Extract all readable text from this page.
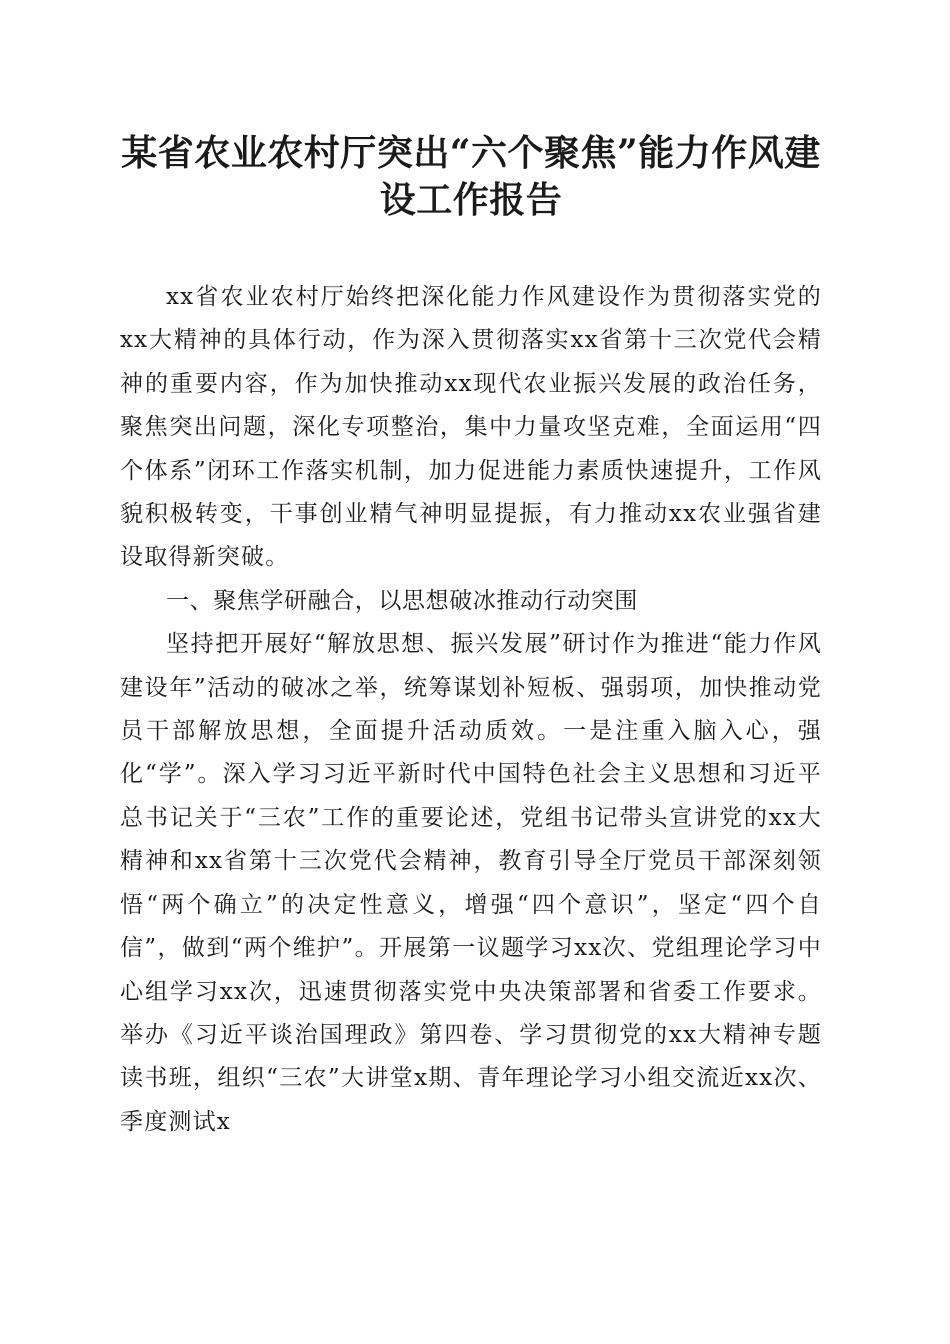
某省农业农村厅突出“六个聚焦”能力作风建
设工作报告

xx省农业农村厅始终把深化能力作风建设作为贯彻落实党的xx大精神的具体行动，作为深入贯彻落实xx省第十三次党代会精神的重要内容，作为加快推动xx现代农业振兴发展的政治任务，聚焦突出问题，深化专项整治，集中力量攻坚克难，全面运用“四个体系”闭环工作落实机制，加力促进能力素质快速提升，工作风貌积极转变，干事创业精气神明显提振，有力推动xx农业强省建设取得新突破。

一、聚焦学研融合，以思想破冰推动行动突围

坚持把开展好“解放思想、振兴发展”研讨作为推进“能力作风建设年”活动的破冰之举，统筹谋划补短板、强弱项，加快推动党员干部解放思想，全面提升活动质效。一是注重入脑入心，强化“学”。深入学习习近平新时代中国特色社会主义思想和习近平总书记关于“三农”工作的重要论述，党组书记带头宣讲党的xx大精神和xx省第十三次党代会精神，教育引导全厅党员干部深刻领悟“两个确立”的决定性意义，增强“四个意识”，坚定“四个自信”，做到“两个维护”。开展第一议题学习xx次、党组理论学习中心组学习xx次，迅速贯彻落实党中央决策部署和省委工作要求。举办《习近平谈治国理政》第四卷、学习贯彻党的xx大精神专题读书班，组织“三农”大讲堂x期、青年理论学习小组交流近xx次、季度测试x
